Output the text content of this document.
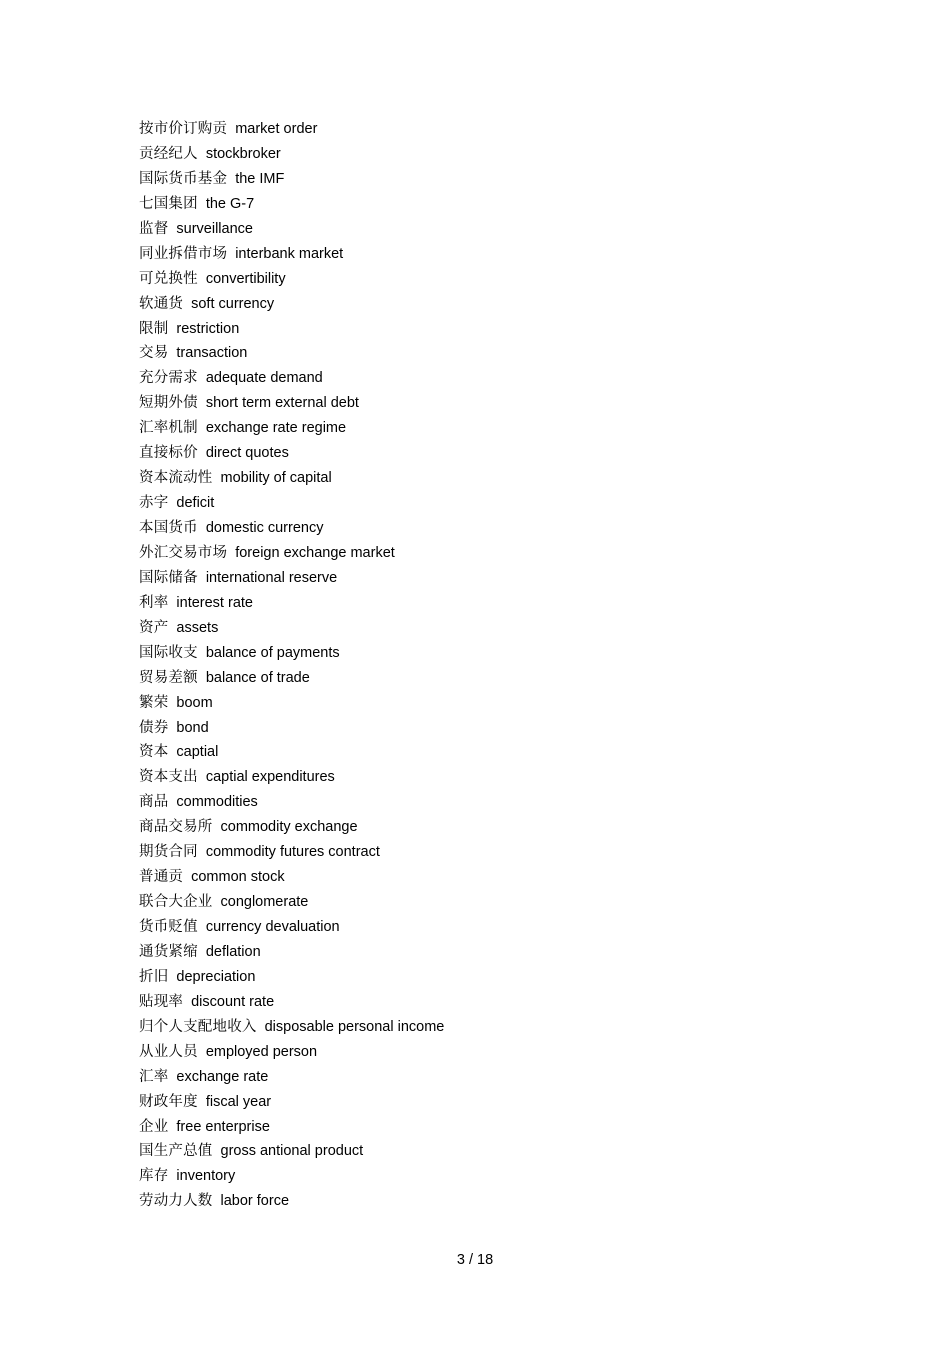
按市价订购贡 market order
贡经纪人 stockbroker
国际货币基金 the IMF
七国集团 the G-7
监督 surveillance
同业拆借市场 interbank market
可兑换性 convertibility
软通货 soft currency
限制 restriction
交易 transaction
充分需求 adequate demand
短期外债 short term external debt
汇率机制 exchange rate regime
直接标价 direct quotes
资本流动性 mobility of capital
赤字 deficit
本国货币 domestic currency
外汇交易市场 foreign exchange market
国际储备 international reserve
利率 interest rate
资产 assets
国际收支 balance of payments
贸易差额 balance of trade
繁荣 boom
债券 bond
资本 captial
资本支出 captial expenditures
商品 commodities
商品交易所 commodity exchange
期货合同 commodity futures contract
普通贡 common stock
联合大企业 conglomerate
货币贬值 currency devaluation
通货紧缩 deflation
折旧 depreciation
贴现率 discount rate
归个人支配地收入 disposable personal income
从业人员 employed person
汇率 exchange rate
财政年度 fiscal year
企业 free enterprise
国生产总值 gross antional product
库存 inventory
劳动力人数 labor force
3 / 18
